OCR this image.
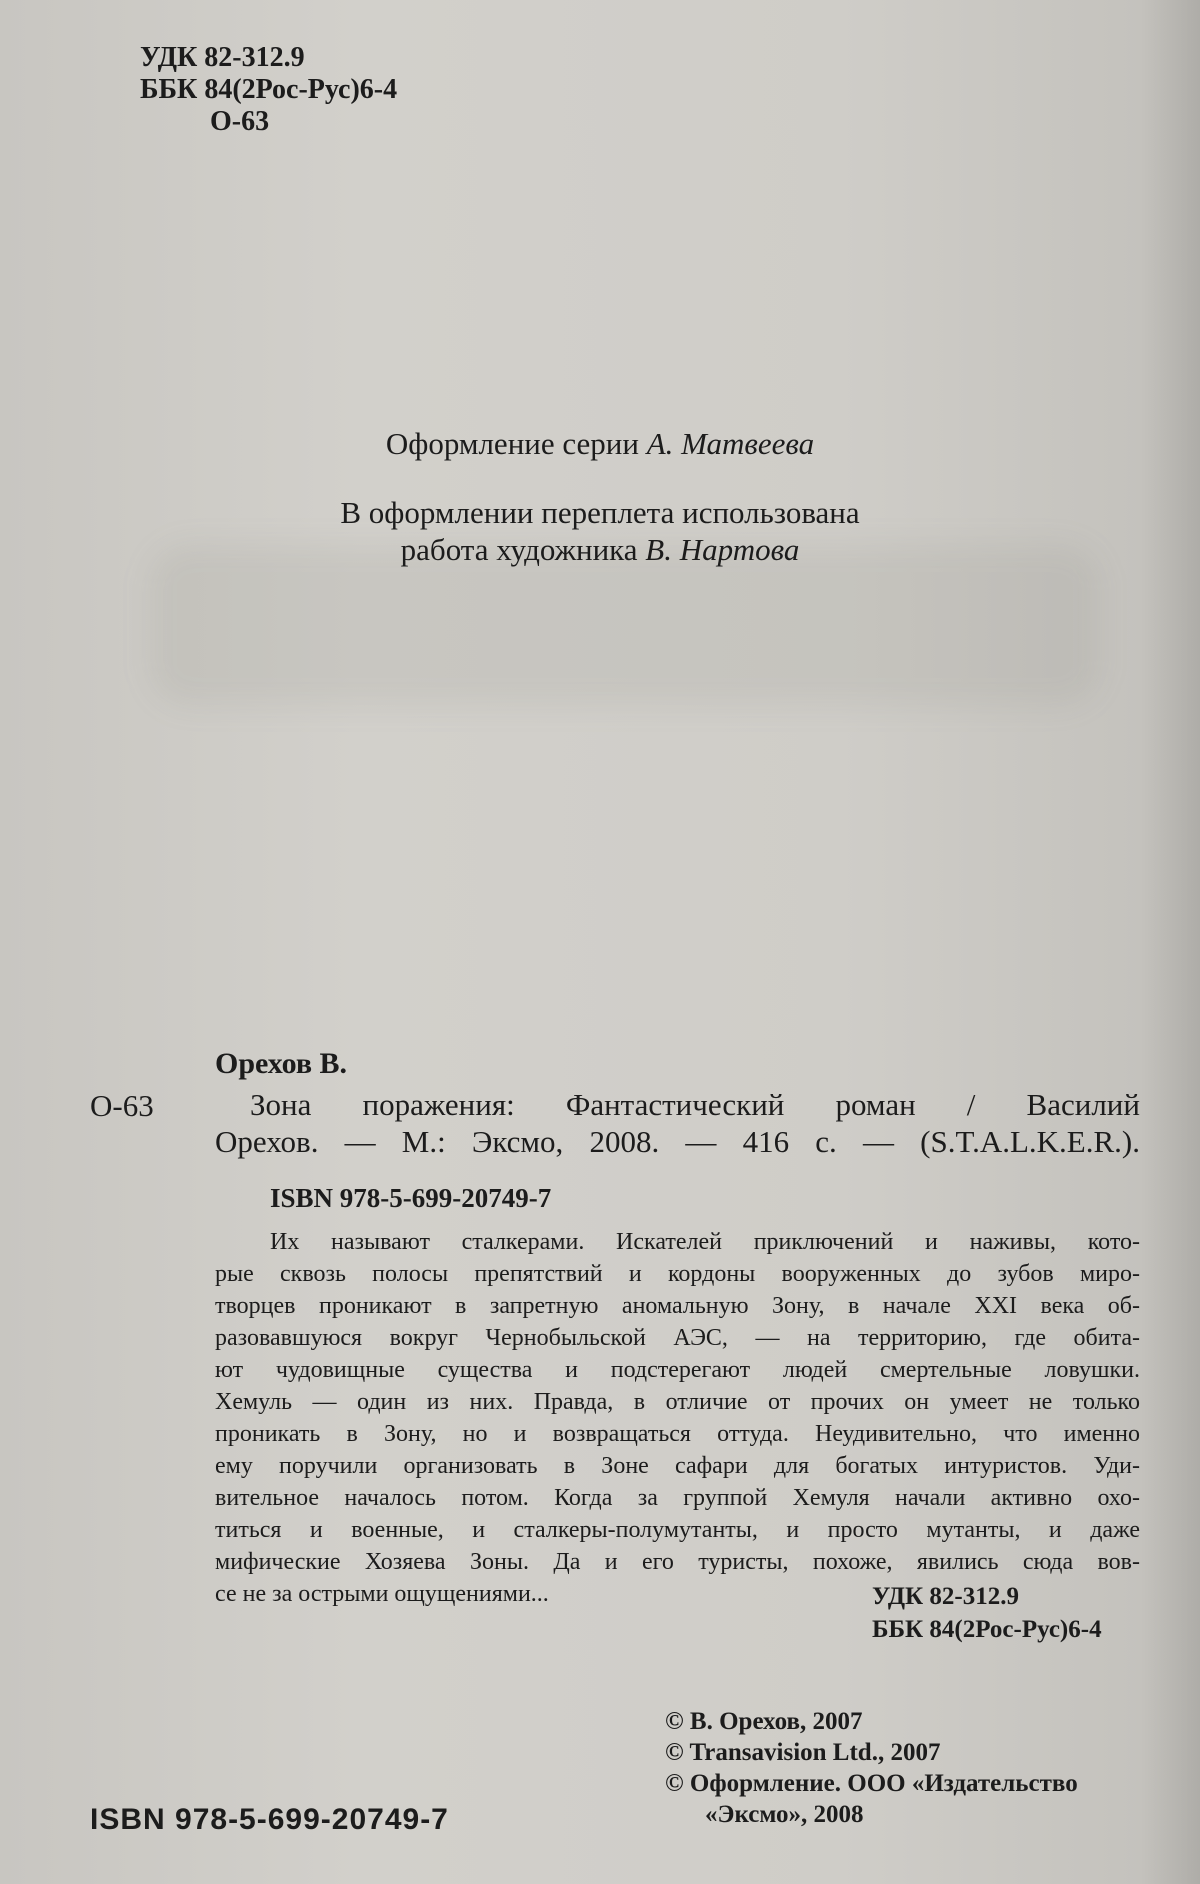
УДК 82-312.9
ББК 84(2Рос-Рус)6-4
О-63
Оформление серии А. Матвеева
В оформлении переплета использована
работа художника В. Нартова
Орехов В.
О-63	Зона поражения: Фантастический роман / Василий
Орехов. — М.: Эксмо, 2008. — 416 с. — (S.T.A.L.K.E.R.).
ISBN 978-5-699-20749-7
Их называют сталкерами. Искателей приключений и наживы, кото-
рые сквозь полосы препятствий и кордоны вооруженных до зубов миро-
творцев проникают в запретную аномальную Зону, в начале XXI века об-
разовавшуюся вокруг Чернобыльской АЭС, — на территорию, где обита-
ют чудовищные существа и подстерегают людей смертельные ловушки.
Хемуль — один из них. Правда, в отличие от прочих он умеет не только
проникать в Зону, но и возвращаться оттуда. Неудивительно, что именно
ему поручили организовать в Зоне сафари для богатых интуристов. Уди-
вительное началось потом. Когда за группой Хемуля начали активно охо-
титься и военные, и сталкеры-полумутанты, и просто мутанты, и даже
мифические Хозяева Зоны. Да и его туристы, похоже, явились сюда вов-
се не за острыми ощущениями...	УДК 82-312.9
ББК 84(2Рос-Рус)6-4
© В. Орехов, 2007
© Transavision Ltd., 2007
© Оформление. ООО «Издательство
«Эксмо», 2008
ISBN 978-5-699-20749-7
